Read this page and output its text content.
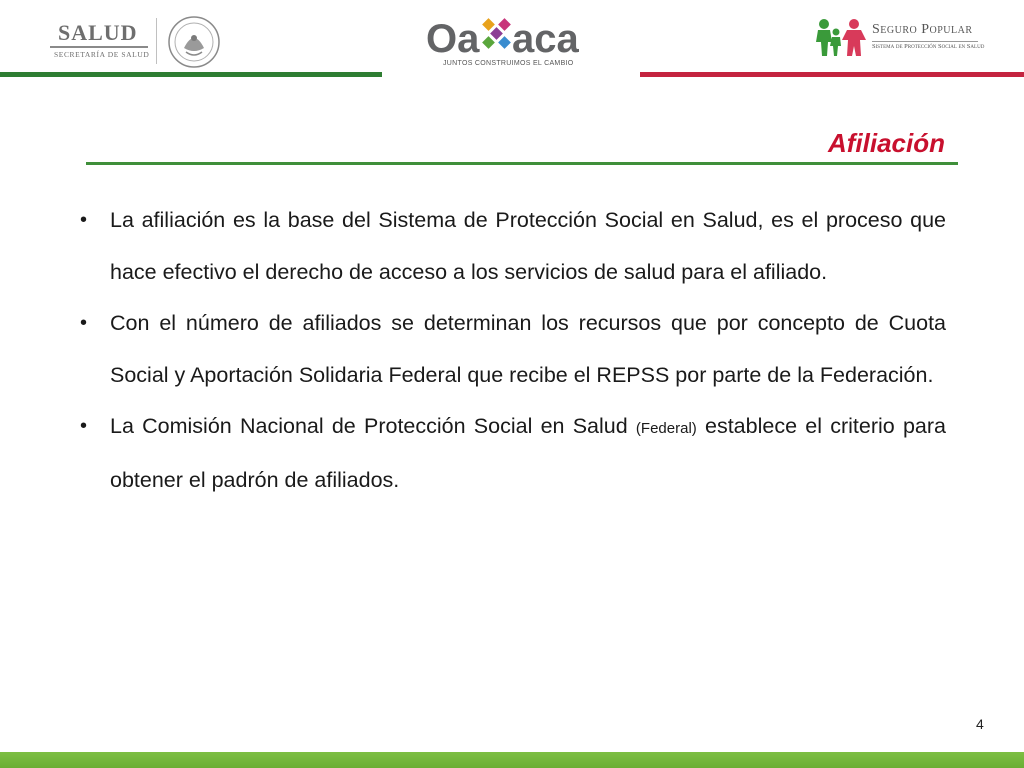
SALUD
SECRETARÍA DE SALUD	Oa aca
JUNTOS CONSTRUIMOS EL CAMBIO
Seguro Popular
Sistema de Protección Social en Salud
Afiliación
• La afiliación es la base del Sistema de Protección Social en Salud, es el proceso que hace efectivo el derecho de acceso a los servicios de salud para el afiliado.
• Con el número de afiliados se determinan los recursos que por concepto de Cuota Social y Aportación Solidaria Federal que recibe el REPSS por parte de la Federación.
• La Comisión Nacional de Protección Social en Salud (Federal) establece el criterio para obtener el padrón de afiliados.
4
